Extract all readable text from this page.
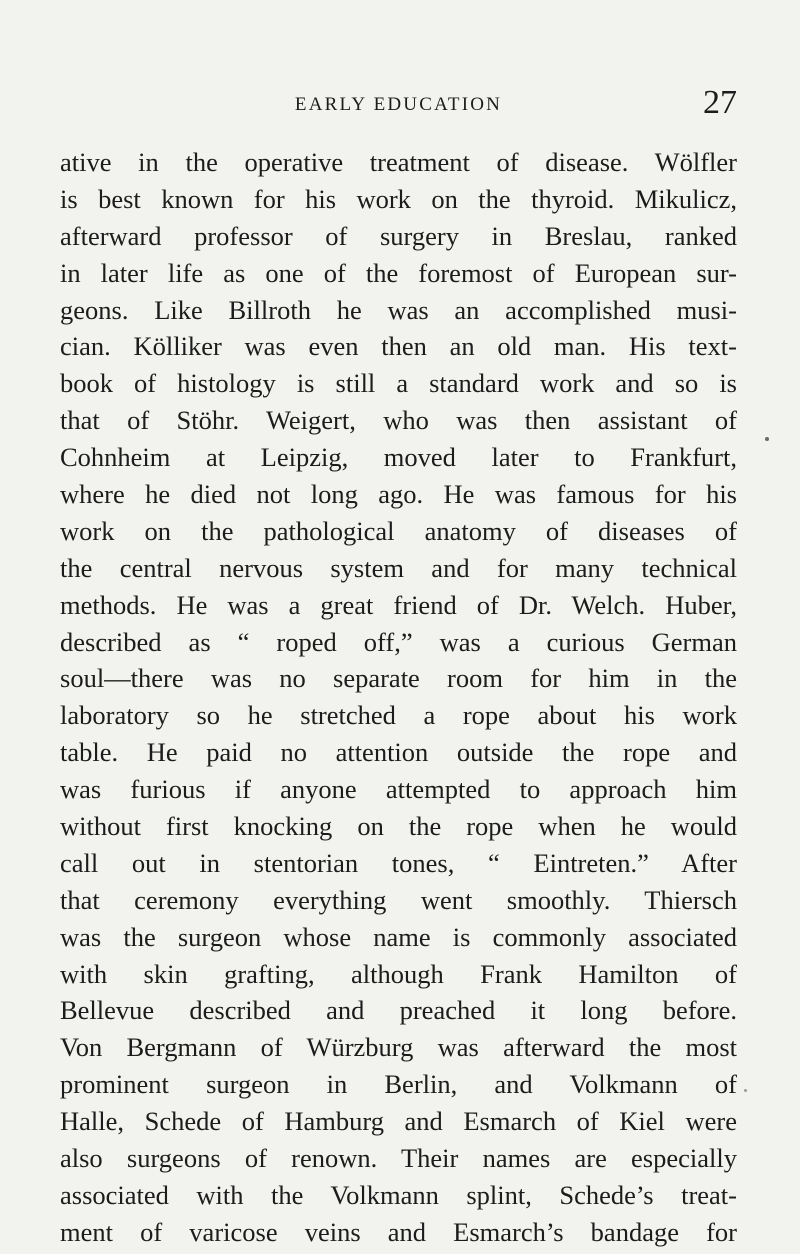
EARLY EDUCATION	27
ative in the operative treatment of disease. Wölfler
is best known for his work on the thyroid. Mikulicz,
afterward professor of surgery in Breslau, ranked
in later life as one of the foremost of European sur-
geons. Like Billroth he was an accomplished musi-
cian. Kölliker was even then an old man. His text-
book of histology is still a standard work and so is
that of Stöhr. Weigert, who was then assistant of
Cohnheim at Leipzig, moved later to Frankfurt,
where he died not long ago. He was famous for his
work on the pathological anatomy of diseases of
the central nervous system and for many technical
methods. He was a great friend of Dr. Welch. Huber,
described as “ roped off,” was a curious German
soul—there was no separate room for him in the
laboratory so he stretched a rope about his work
table. He paid no attention outside the rope and
was furious if anyone attempted to approach him
without first knocking on the rope when he would
call out in stentorian tones, “ Eintreten.” After
that ceremony everything went smoothly. Thiersch
was the surgeon whose name is commonly associated
with skin grafting, although Frank Hamilton of
Bellevue described and preached it long before.
Von Bergmann of Würzburg was afterward the most
prominent surgeon in Berlin, and Volkmann of
Halle, Schede of Hamburg and Esmarch of Kiel were
also surgeons of renown. Their names are especially
associated with the Volkmann splint, Schede’s treat-
ment of varicose veins and Esmarch’s bandage for
